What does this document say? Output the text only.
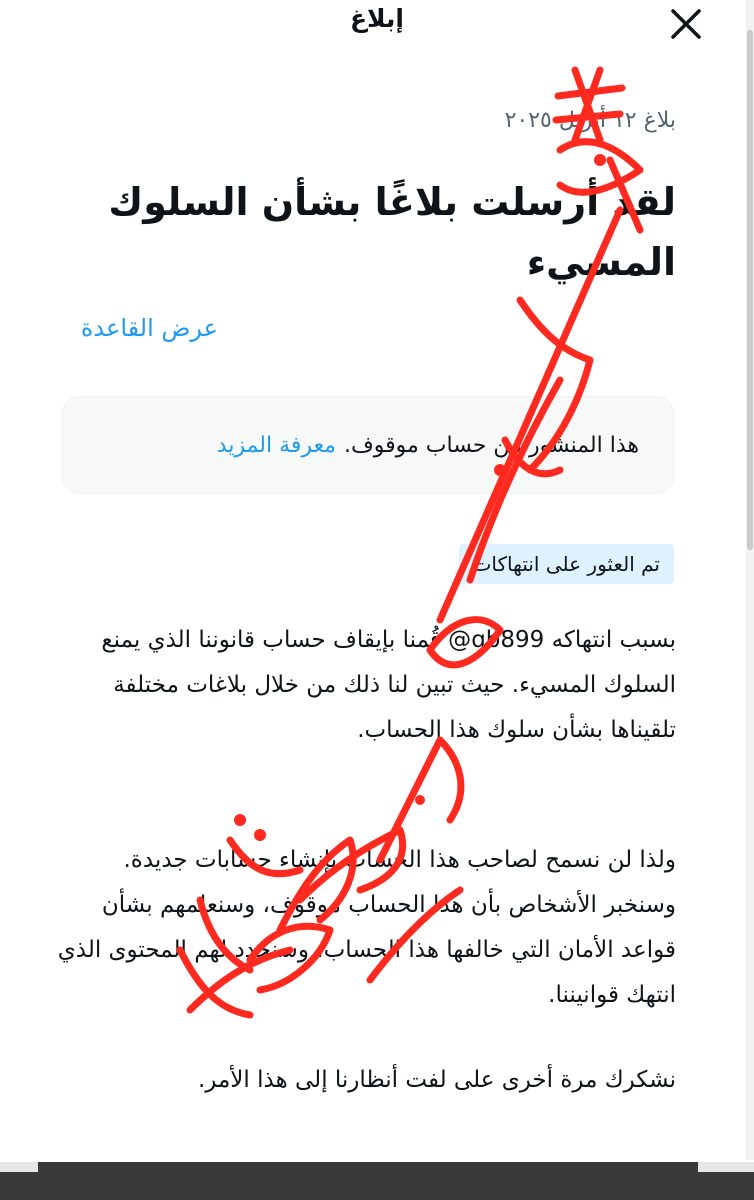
إبلاغ
بلاغ ١٢ أبريل ٢٠٢٥
لقد أرسلت بلاغًا بشأن السلوك المسيء
عرض القاعدة
هذا المنشور من حساب موقوف.
معرفة المزيد
تم العثور على انتهاكات

بسبب انتهاكه qb899@ قُمنا بإيقاف حساب قانوننا الذي يمنع السلوك المسيء. حيث تبين لنا ذلك من خلال بلاغات مختلفة تلقيناها بشأن سلوك هذا الحساب.

ولذا لن نسمح لصاحب هذا الحساب بإنشاء حسابات جديدة. وسنخبر الأشخاص بأن هذا الحساب موقوف، وسنعلمهم بشأن قواعد الأمان التي خالفها هذا الحساب، وسنحدد لهم المحتوى الذي انتهك قوانيننا.

نشكرك مرة أخرى على لفت أنظارنا إلى هذا الأمر.
